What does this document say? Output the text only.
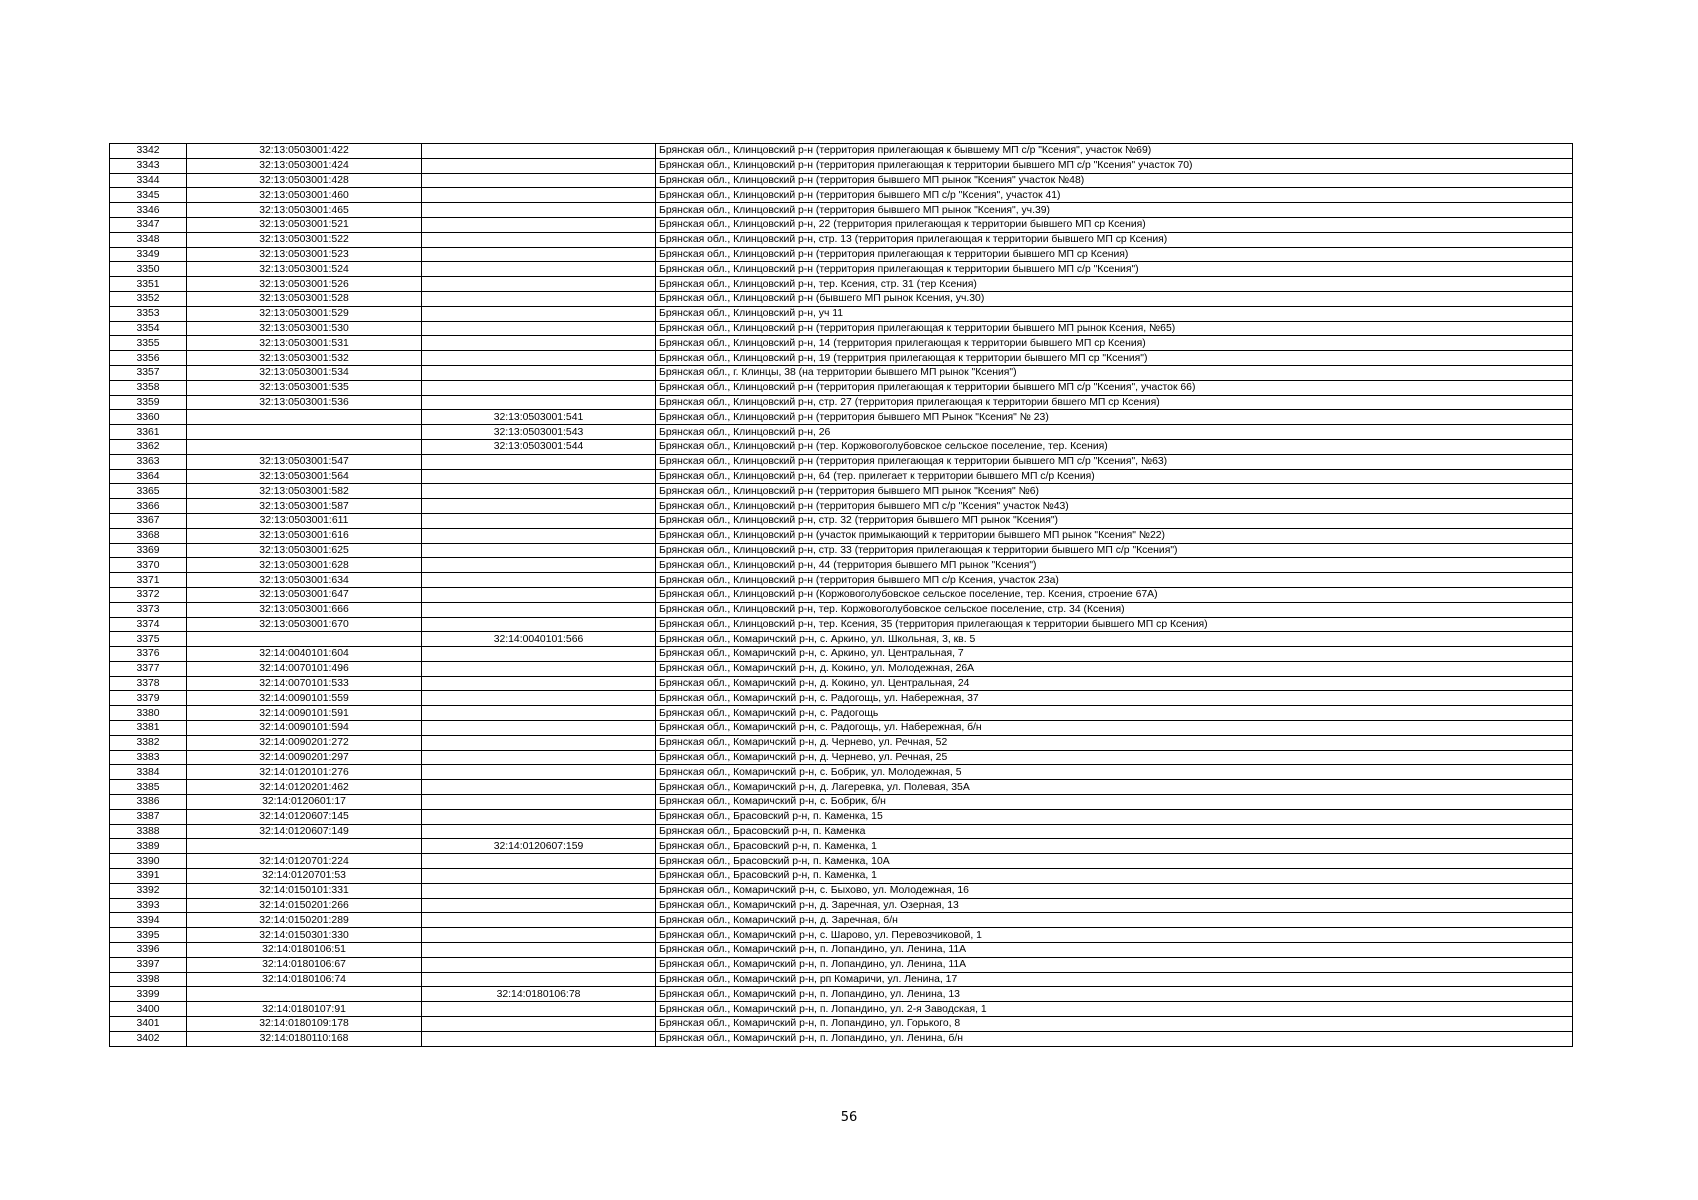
3342	32:13:0503001:422		Брянская обл., Клинцовский р-н (территория прилегающая к бывшему МП с/р "Ксения", участок №69)
3343	32:13:0503001:424		Брянская обл., Клинцовский р-н (территория прилегающая к территории бывшего МП с/р "Ксения" участок 70)
3344	32:13:0503001:428		Брянская обл., Клинцовский р-н (территория бывшего МП рынок "Ксения" участок №48)
3345	32:13:0503001:460		Брянская обл., Клинцовский р-н (территория бывшего МП с/р "Ксения", участок 41)
3346	32:13:0503001:465		Брянская обл., Клинцовский р-н (территория бывшего МП рынок "Ксения", уч.39)
3347	32:13:0503001:521		Брянская обл., Клинцовский р-н, 22 (территория прилегающая к территории бывшего МП ср Ксения)
3348	32:13:0503001:522		Брянская обл., Клинцовский р-н, стр. 13 (территория прилегающая к территории бывшего МП ср Ксения)
3349	32:13:0503001:523		Брянская обл., Клинцовский р-н (территория прилегающая к территории бывшего МП ср Ксения)
3350	32:13:0503001:524		Брянская обл., Клинцовский р-н (территория прилегающая к территории бывшего МП с/р "Ксения")
3351	32:13:0503001:526		Брянская обл., Клинцовский р-н, тер. Ксения, стр. 31 (тер Ксения)
3352	32:13:0503001:528		Брянская обл., Клинцовский р-н (бывшего МП рынок Ксения, уч.30)
3353	32:13:0503001:529		Брянская обл., Клинцовский р-н, уч 11
3354	32:13:0503001:530		Брянская обл., Клинцовский р-н (территория прилегающая к территории бывшего МП рынок Ксения, №65)
3355	32:13:0503001:531		Брянская обл., Клинцовский р-н, 14 (территория прилегающая к территории бывшего МП ср Ксения)
3356	32:13:0503001:532		Брянская обл., Клинцовский р-н, 19 (территрия прилегающая к территории бывшего МП ср "Ксения")
3357	32:13:0503001:534		Брянская обл., г. Клинцы, 38 (на территории бывшего МП рынок "Ксения")
3358	32:13:0503001:535		Брянская обл., Клинцовский р-н (территория прилегающая к территории бывшего МП с/р "Ксения", участок 66)
3359	32:13:0503001:536		Брянская обл., Клинцовский р-н, стр. 27 (территория прилегающая к территории бвшего МП ср Ксения)
3360		32:13:0503001:541	Брянская обл., Клинцовский р-н (территория бывшего МП Рынок "Ксения" № 23)
3361		32:13:0503001:543	Брянская обл., Клинцовский р-н, 26
3362		32:13:0503001:544	Брянская обл., Клинцовский р-н (тер. Коржовоголубовское сельское поселение, тер. Ксения)
3363	32:13:0503001:547		Брянская обл., Клинцовский р-н (территория прилегающая к территории бывшего МП с/р "Ксения", №63)
3364	32:13:0503001:564		Брянская обл., Клинцовский р-н, 64 (тер. прилегает к территории бывшего МП с/р Ксения)
3365	32:13:0503001:582		Брянская обл., Клинцовский р-н (территория бывшего МП рынок "Ксения" №6)
3366	32:13:0503001:587		Брянская обл., Клинцовский р-н (территория бывшего МП с/р "Ксения" участок №43)
3367	32:13:0503001:611		Брянская обл., Клинцовский р-н, стр. 32 (территория бывшего МП рынок "Ксения")
3368	32:13:0503001:616		Брянская обл., Клинцовский р-н (участок примыкающий к территории бывшего МП рынок "Ксения" №22)
3369	32:13:0503001:625		Брянская обл., Клинцовский р-н, стр. 33 (территория прилегающая к территории бывшего МП с/р "Ксения")
3370	32:13:0503001:628		Брянская обл., Клинцовский р-н, 44 (территория бывшего МП рынок "Ксения")
3371	32:13:0503001:634		Брянская обл., Клинцовский р-н (территория бывшего МП с/р Ксения, участок 23а)
3372	32:13:0503001:647		Брянская обл., Клинцовский р-н (Коржовоголубовское сельское поселение, тер. Ксения, строение 67А)
3373	32:13:0503001:666		Брянская обл., Клинцовский р-н, тер. Коржовоголубовское сельское поселение, стр. 34 (Ксения)
3374	32:13:0503001:670		Брянская обл., Клинцовский р-н, тер. Ксения, 35 (территория прилегающая к территории бывшего МП ср Ксения)
3375		32:14:0040101:566	Брянская обл., Комаричский р-н, с. Аркино, ул. Школьная, 3, кв. 5
3376	32:14:0040101:604		Брянская обл., Комаричский р-н, с. Аркино, ул. Центральная, 7
3377	32:14:0070101:496		Брянская обл., Комаричский р-н, д. Кокино, ул. Молодежная, 26А
3378	32:14:0070101:533		Брянская обл., Комаричский р-н, д. Кокино, ул. Центральная, 24
3379	32:14:0090101:559		Брянская обл., Комаричский р-н, с. Радогощь, ул. Набережная, 37
3380	32:14:0090101:591		Брянская обл., Комаричский р-н, с. Радогощь
3381	32:14:0090101:594		Брянская обл., Комаричский р-н, с. Радогощь, ул. Набережная, б/н
3382	32:14:0090201:272		Брянская обл., Комаричский р-н, д. Чернево, ул. Речная, 52
3383	32:14:0090201:297		Брянская обл., Комаричский р-н, д. Чернево, ул. Речная, 25
3384	32:14:0120101:276		Брянская обл., Комаричский р-н, с. Бобрик, ул. Молодежная, 5
3385	32:14:0120201:462		Брянская обл., Комаричский р-н, д. Лагеревка, ул. Полевая, 35А
3386	32:14:0120601:17		Брянская обл., Комаричский р-н, с. Бобрик, б/н
3387	32:14:0120607:145		Брянская обл., Брасовский р-н, п. Каменка, 15
3388	32:14:0120607:149		Брянская обл., Брасовский р-н, п. Каменка
3389		32:14:0120607:159	Брянская обл., Брасовский р-н, п. Каменка, 1
3390	32:14:0120701:224		Брянская обл., Брасовский р-н, п. Каменка, 10А
3391	32:14:0120701:53		Брянская обл., Брасовский р-н, п. Каменка, 1
3392	32:14:0150101:331		Брянская обл., Комаричский р-н, с. Быхово, ул. Молодежная, 16
3393	32:14:0150201:266		Брянская обл., Комаричский р-н, д. Заречная, ул. Озерная, 13
3394	32:14:0150201:289		Брянская обл., Комаричский р-н, д. Заречная, б/н
3395	32:14:0150301:330		Брянская обл., Комаричский р-н, с. Шарово, ул. Перевозчиковой, 1
3396	32:14:0180106:51		Брянская обл., Комаричский р-н, п. Лопандино, ул. Ленина, 11А
3397	32:14:0180106:67		Брянская обл., Комаричский р-н, п. Лопандино, ул. Ленина, 11А
3398	32:14:0180106:74		Брянская обл., Комаричский р-н, рп Комаричи, ул. Ленина, 17
3399		32:14:0180106:78	Брянская обл., Комаричский р-н, п. Лопандино, ул. Ленина, 13
3400	32:14:0180107:91		Брянская обл., Комаричский р-н, п. Лопандино, ул. 2-я Заводская, 1
3401	32:14:0180109:178		Брянская обл., Комаричский р-н, п. Лопандино, ул. Горького, 8
3402	32:14:0180110:168		Брянская обл., Комаричский р-н, п. Лопандино, ул. Ленина, б/н
56
